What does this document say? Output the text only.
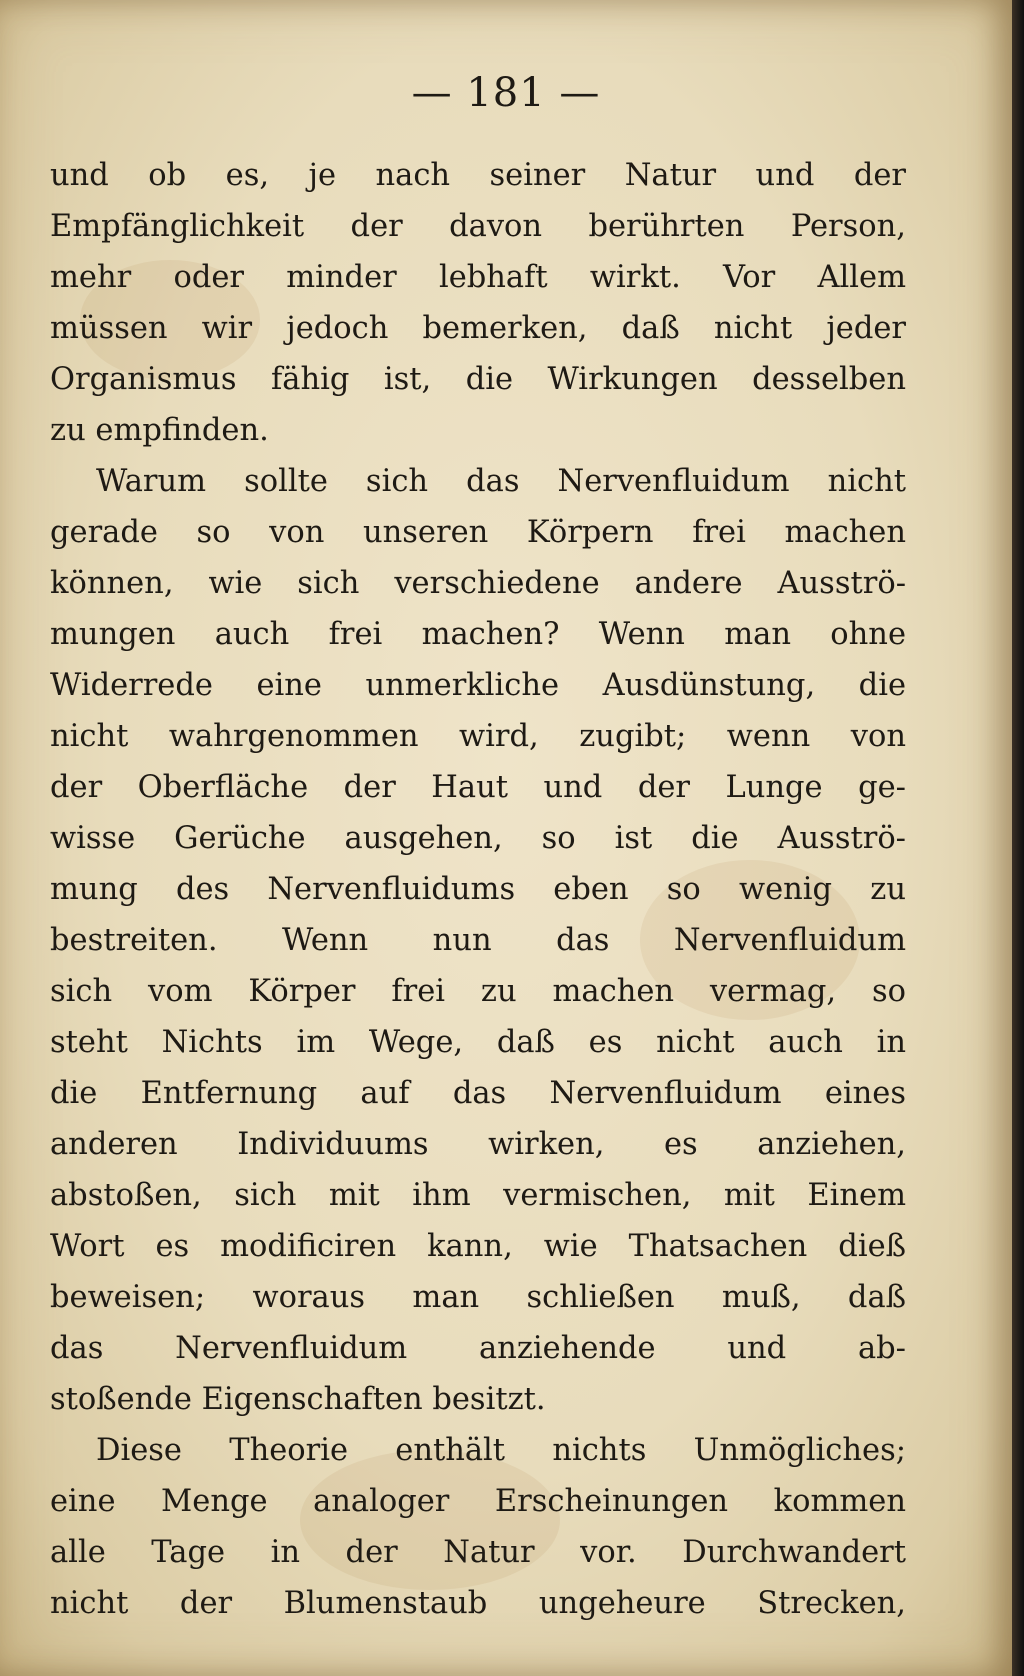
— 181 —
und ob es, je nach seiner Natur und der
Empfänglichkeit der davon berührten Person,
mehr oder minder lebhaft wirkt. Vor Allem
müssen wir jedoch bemerken, daß nicht jeder
Organismus fähig ist, die Wirkungen desselben
zu empfinden.
Warum sollte sich das Nervenfluidum nicht
gerade so von unseren Körpern frei machen
können, wie sich verschiedene andere Ausströ-
mungen auch frei machen? Wenn man ohne
Widerrede eine unmerkliche Ausdünstung, die
nicht wahrgenommen wird, zugibt; wenn von
der Oberfläche der Haut und der Lunge ge-
wisse Gerüche ausgehen, so ist die Ausströ-
mung des Nervenfluidums eben so wenig zu
bestreiten. Wenn nun das Nervenfluidum
sich vom Körper frei zu machen vermag, so
steht Nichts im Wege, daß es nicht auch in
die Entfernung auf das Nervenfluidum eines
anderen Individuums wirken, es anziehen,
abstoßen, sich mit ihm vermischen, mit Einem
Wort es modificiren kann, wie Thatsachen dieß
beweisen; woraus man schließen muß, daß
das Nervenfluidum anziehende und ab-
stoßende Eigenschaften besitzt.
Diese Theorie enthält nichts Unmögliches;
eine Menge analoger Erscheinungen kommen
alle Tage in der Natur vor. Durchwandert
nicht der Blumenstaub ungeheure Strecken,
